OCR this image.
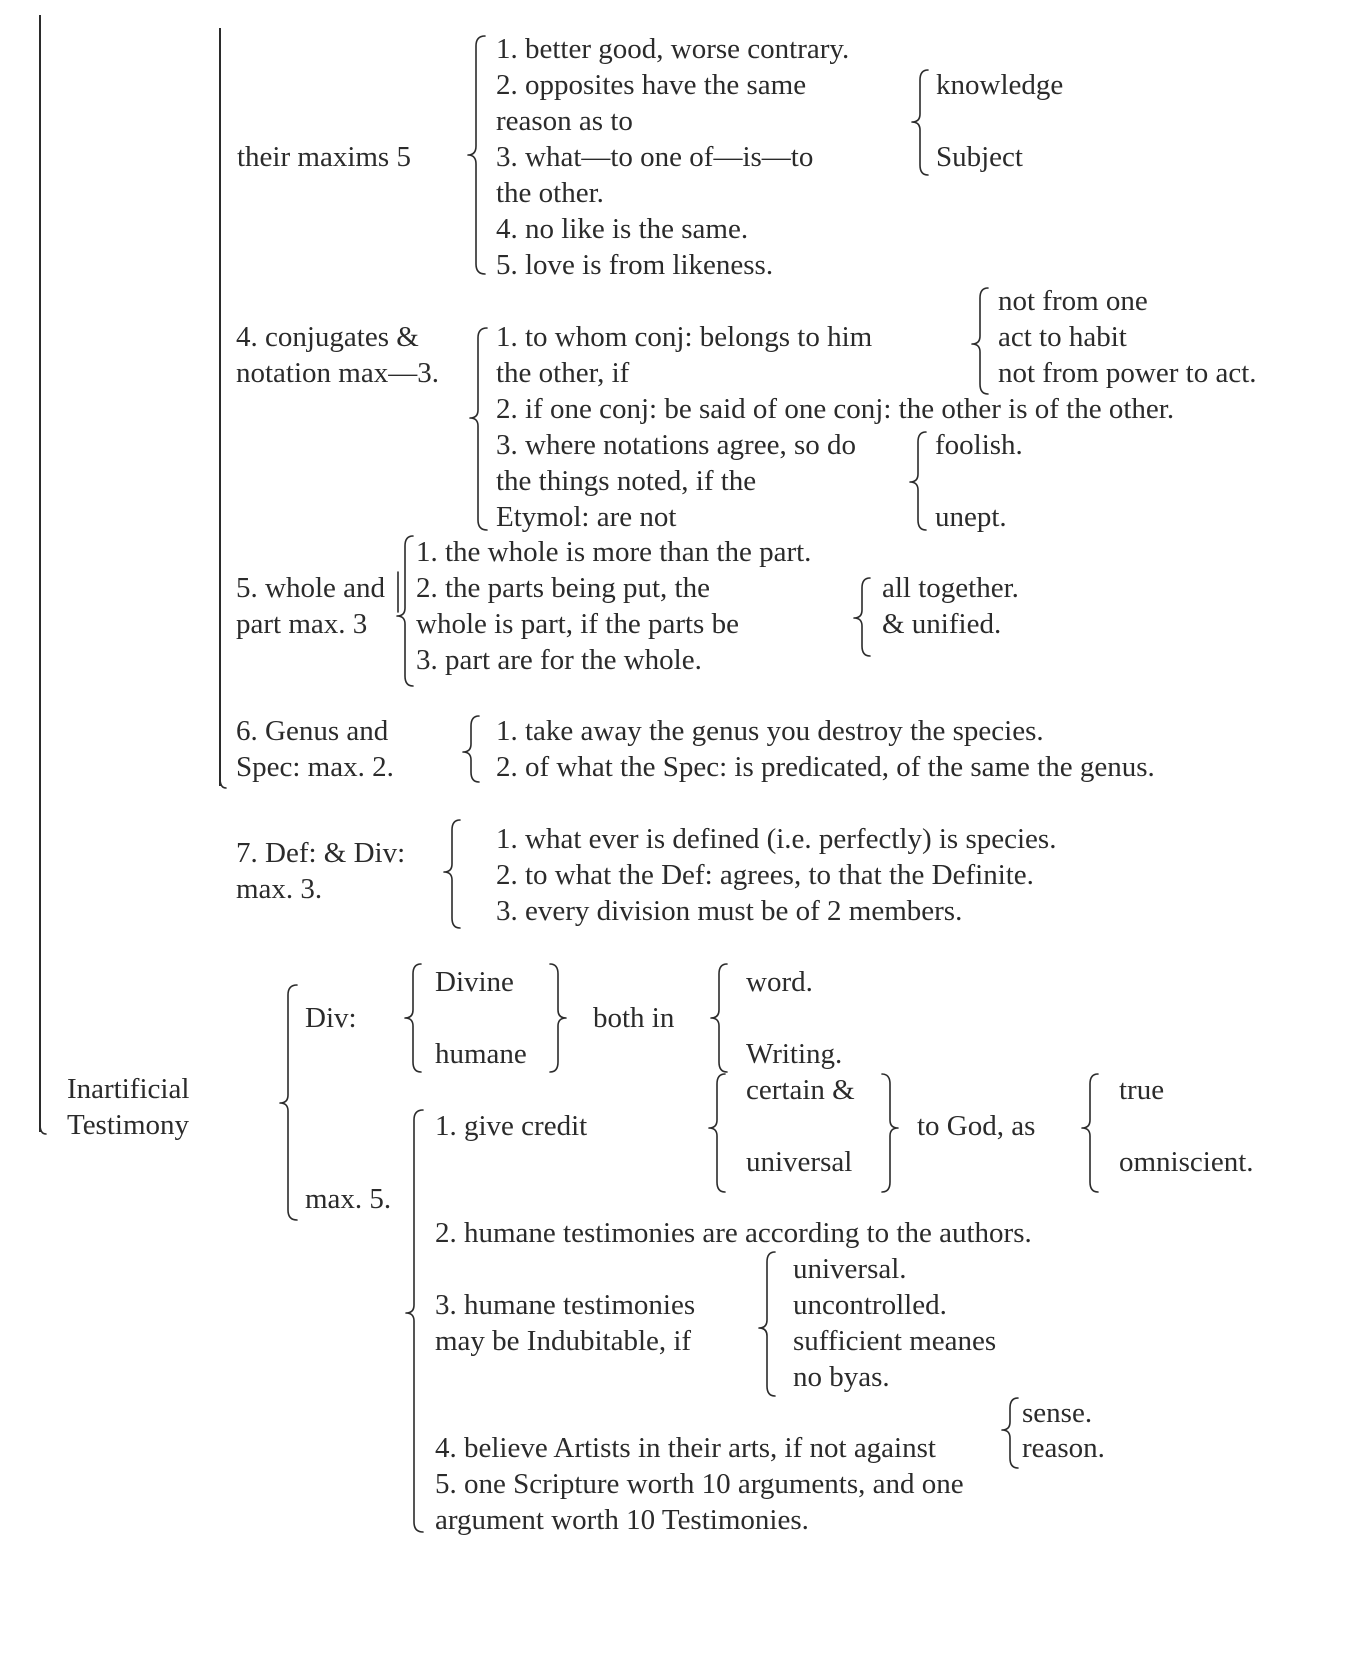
their maxims 5
1. better good, worse contrary.
2. opposites have the same
reason as to
3. what—to one of—is—to
the other.
4. no like is the same.
5. love is from likeness.
knowledge
Subject
4. conjugates &
notation max—3.
1. to whom conj: belongs to him
the other, if
not from one
act to habit
not from power to act.
2. if one conj: be said of one conj: the other is of the other.
3. where notations agree, so do
the things noted, if the
Etymol: are not
foolish.
unept.
5. whole and
part max. 3
1. the whole is more than the part.
2. the parts being put, the
whole is part, if the parts be
3. part are for the whole.
all together.
& unified.
6. Genus and
Spec: max. 2.
1. take away the genus you destroy the species.
2. of what the Spec: is predicated, of the same the genus.
7. Def: & Div:
max. 3.
1. what ever is defined (i.e. perfectly) is species.
2. to what the Def: agrees, to that the Definite.
3. every division must be of 2 members.
Inartificial
Testimony
Div:
Divine
humane
both in
word.
Writing.
max. 5.
1. give credit
certain &
universal
to God, as
true
omniscient.
2. humane testimonies are according to the authors.
3. humane testimonies
may be Indubitable, if
universal.
uncontrolled.
sufficient meanes
no byas.
4. believe Artists in their arts, if not against
sense.
reason.
5. one Scripture worth 10 arguments, and one
argument worth 10 Testimonies.
